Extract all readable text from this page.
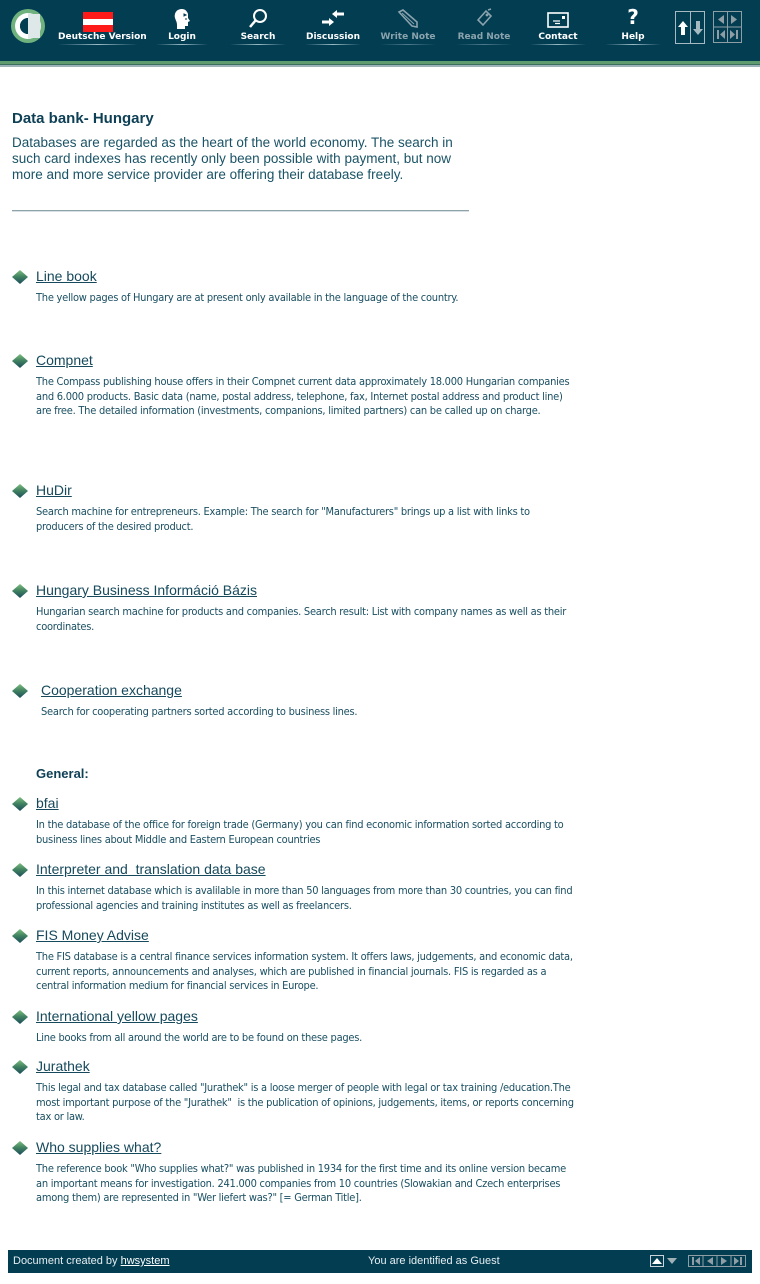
Deutsche Version	Login	Search	Discussion Write Note Read Note	Contact
?
Help
Data bank- Hungary
Databases are regarded as the heart of the world economy. The search in such card indexes has recently only been possible with payment, but now more and more service provider are offering their database freely.
Line book
The yellow pages of Hungary are at present only available in the language of the country.
Compnet
The Compass publishing house offers in their Compnet current data approximately 18.000 Hungarian companies and 6.000 products. Basic data (name, postal address, telephone, fax, Internet postal address and product line) are free. The detailed information (investments, companions, limited partners) can be called up on charge.
HuDir
Search machine for entrepreneurs. Example: The search for "Manufacturers" brings up a list with links to producers of the desired product.
Hungary Business Információ Bázis
Hungarian search machine for products and companies. Search result: List with company names as well as their coordinates.
Cooperation exchange
Search for cooperating partners sorted according to business lines.
General:
bfai
In the database of the office for foreign trade (Germany) you can find economic information sorted according to business lines about Middle and Eastern European countries
Interpreter and  translation data base
In this internet database which is avalilable in more than 50 languages from more than 30 countries, you can find professional agencies and training institutes as well as freelancers.
FIS Money Advise
The FIS database is a central finance services information system. It offers laws, judgements, and economic data, current reports, announcements and analyses, which are published in financial journals. FIS is regarded as a central information medium for financial services in Europe.
International yellow pages
Line books from all around the world are to be found on these pages.
Jurathek
This legal and tax database called "Jurathek" is a loose merger of people with legal or tax training /education.The most important purpose of the "Jurathek"  is the publication of opinions, judgements, items, or reports concerning tax or law.
Who supplies what?
The reference book "Who supplies what?" was published in 1934 for the first time and its online version became an important means for investigation. 241.000 companies from 10 countries (Slowakian and Czech enterprises among them) are represented in "Wer liefert was?" [= German Title].
Document created by hwsystem	You are identified as Guest
